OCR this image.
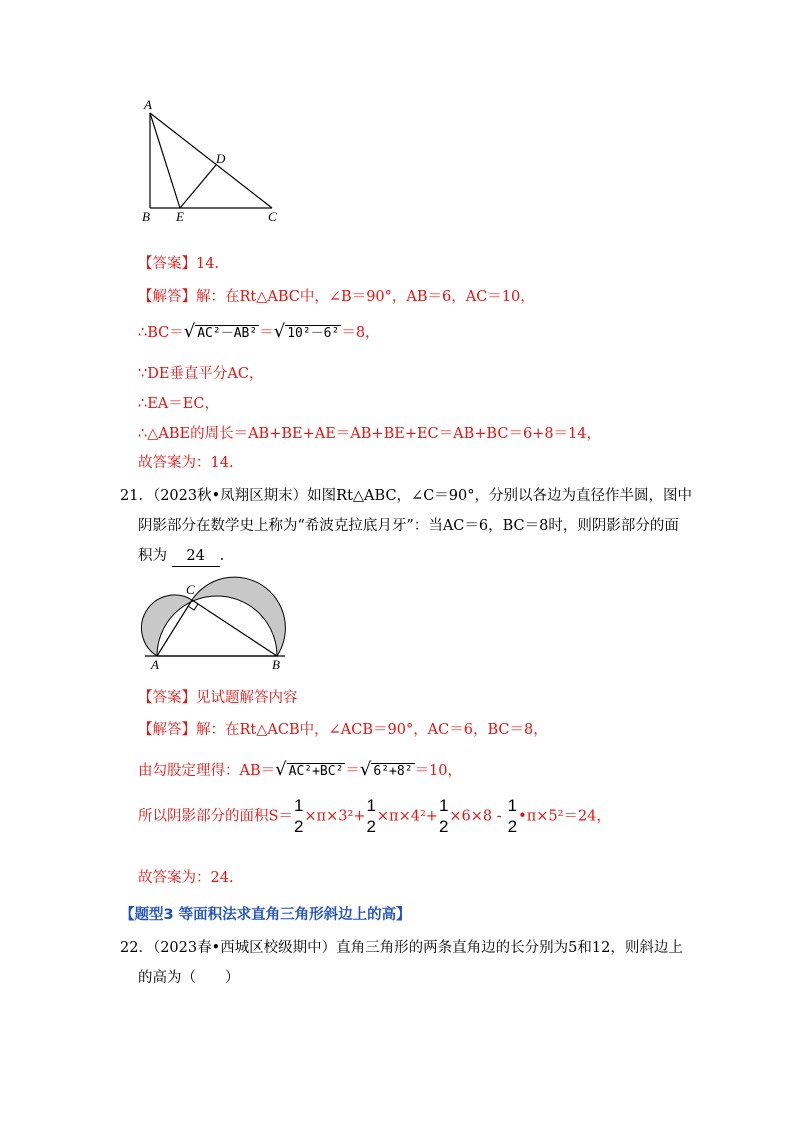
A
D
B E	C
【答案】14.
【解答】解：在Rt△ABC中，∠B＝90°，AB＝6，AC＝10，
∴BC＝√ AC²－AB² ＝√ 10²－6² ＝8，
∵DE垂直平分AC，
∴EA＝EC，
∴△ABE的周长＝AB+BE+AE＝AB+BE+EC＝AB+BC＝6+8＝14，
故答案为：14.
21．（2023秋•凤翔区期末）如图Rt△ABC，∠C＝90°，分别以各边为直径作半圆，图中
阴影部分在数学史上称为“希波克拉底月牙”：当AC＝6，BC＝8时，则阴影部分的面
积为 24 .
C
A	B
【答案】见试题解答内容
【解答】解：在Rt△ACB中，∠ACB＝90°，AC＝6，BC＝8，
由勾股定理得：AB＝√ AC²+BC² ＝√ 6²+8² ＝10，
所以阴影部分的面积S＝
1
2
×π×3²+
1
2
×π×4²+
1
2
×6×8 -
1
2
•π×5²＝24，
故答案为：24.
【题型3 等面积法求直角三角形斜边上的高】
22．（2023春•西城区校级期中）直角三角形的两条直角边的长分别为5和12，则斜边上
的高为（　　）
